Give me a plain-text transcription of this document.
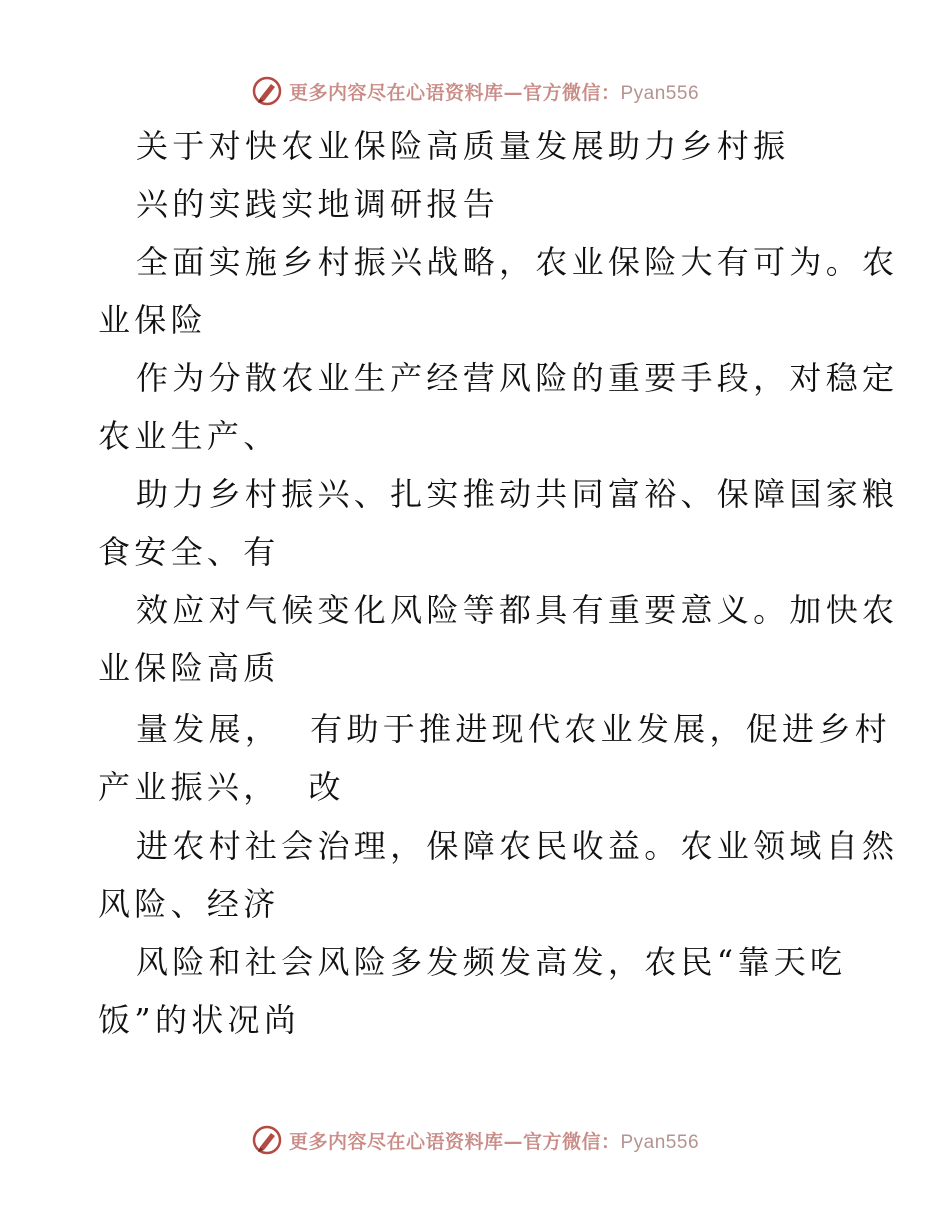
更多内容尽在心语资料库—官方微信：Pyan556
关于对快农业保险高质量发展助力乡村振
兴的实践实地调研报告
全面实施乡村振兴战略，农业保险大有可为。农
业保险
作为分散农业生产经营风险的重要手段，对稳定
农业生产、
助力乡村振兴、扎实推动共同富裕、保障国家粮
食安全、有
效应对气候变化风险等都具有重要意义。加快农
业保险高质
量发展，  有助于推进现代农业发展，促进乡村
产业振兴，  改
进农村社会治理，保障农民收益。农业领域自然
风险、经济
风险和社会风险多发频发高发，农民“靠天吃
饭”的状况尚
更多内容尽在心语资料库—官方微信：Pyan556
